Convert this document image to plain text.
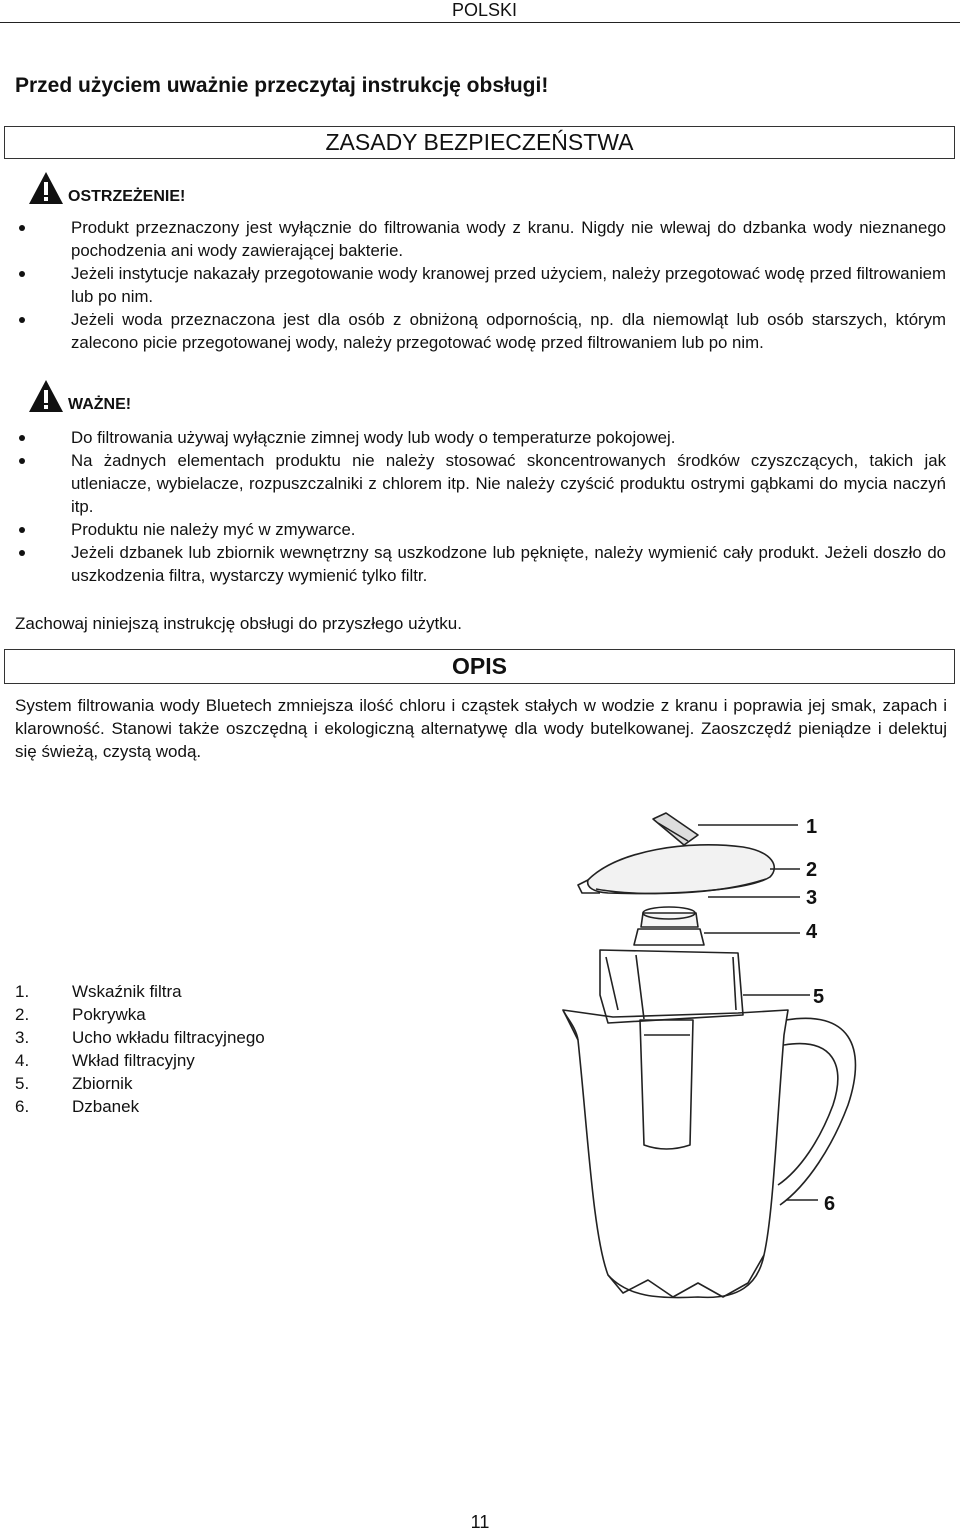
POLSKI
Przed użyciem uważnie przeczytaj instrukcję obsługi!
ZASADY BEZPIECZEŃSTWA
OSTRZEŻENIE!
Produkt przeznaczony jest wyłącznie do filtrowania wody z kranu. Nigdy nie wlewaj do dzbanka wody nieznanego pochodzenia ani wody zawierającej bakterie.
Jeżeli instytucje nakazały przegotowanie wody kranowej przed użyciem, należy przegotować wodę przed filtrowaniem lub po nim.
Jeżeli woda przeznaczona jest dla osób z obniżoną odpornością, np. dla niemowląt lub osób starszych, którym zalecono picie przegotowanej wody, należy przegotować wodę przed filtrowaniem lub po nim.
WAŻNE!
Do filtrowania używaj wyłącznie zimnej wody lub wody o temperaturze pokojowej.
Na żadnych elementach produktu nie należy stosować skoncentrowanych środków czyszczących, takich jak utleniacze, wybielacze, rozpuszczalniki z chlorem itp. Nie należy czyścić produktu ostrymi gąbkami do mycia naczyń itp.
Produktu nie należy myć w zmywarce.
Jeżeli dzbanek lub zbiornik wewnętrzny są uszkodzone lub pęknięte, należy wymienić cały produkt. Jeżeli doszło do uszkodzenia filtra, wystarczy wymienić tylko filtr.
Zachowaj niniejszą instrukcję obsługi do przyszłego użytku.
OPIS
System filtrowania wody Bluetech zmniejsza ilość chloru i cząstek stałych w wodzie z kranu i poprawia jej smak, zapach i klarowność. Stanowi także oszczędną i ekologiczną alternatywę dla wody butelkowanej. Zaoszczędź pieniądze i delektuj się świeżą, czystą wodą.
1.	Wskaźnik filtra
2.	Pokrywka
3.	Ucho wkładu filtracyjnego
4.	Wkład filtracyjny
5.	Zbiornik
6.	Dzbanek
1
2
3
4
5
6
11
